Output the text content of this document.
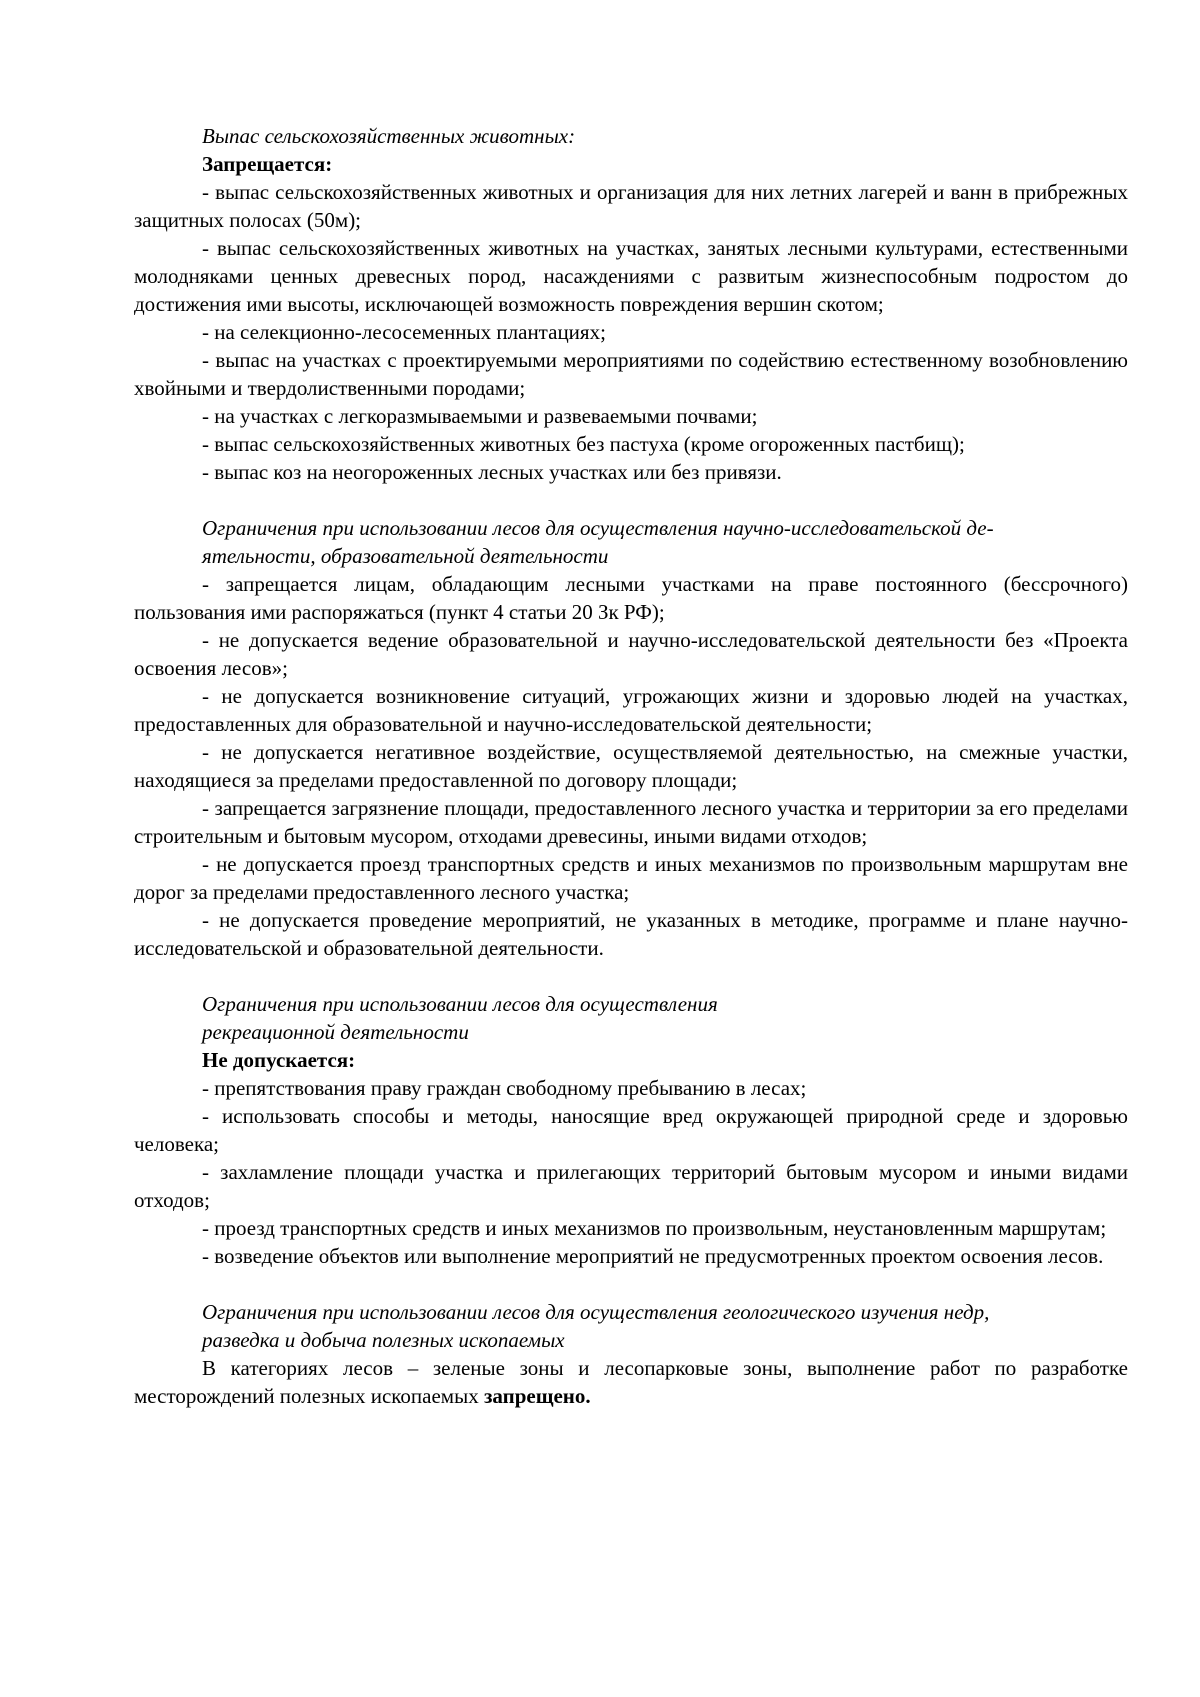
Выпас сельскохозяйственных животных:

Запрещается:

- выпас сельскохозяйственных животных и организация для них летних лагерей и ванн в прибрежных защитных полосах (50м);

- выпас сельскохозяйственных животных на участках, занятых лесными культурами, естественными молодняками ценных древесных пород, насаждениями с развитым жизнеспособным подростом до достижения ими высоты, исключающей возможность повреждения вершин скотом;

- на селекционно-лесосеменных плантациях;

- выпас на участках с проектируемыми мероприятиями по содействию естественному возобновлению хвойными и твердолиственными породами;

- на участках с легкоразмываемыми и развеваемыми почвами;

- выпас сельскохозяйственных животных без пастуха (кроме огороженных пастбищ);

- выпас коз на неогороженных лесных участках или без привязи.

Ограничения при использовании лесов для осуществления научно-исследовательской де-
ятельности, образовательной деятельности

- запрещается лицам, обладающим лесными участками на праве постоянного (бессрочного) пользования ими распоряжаться (пункт 4 статьи 20 Зк РФ);

- не допускается ведение образовательной и научно-исследовательской деятельности без «Проекта освоения лесов»;

- не допускается возникновение ситуаций, угрожающих жизни и здоровью людей на участках, предоставленных для образовательной и научно-исследовательской деятельности;

- не допускается негативное воздействие, осуществляемой деятельностью, на смежные участки, находящиеся за пределами предоставленной по договору площади;

- запрещается загрязнение площади, предоставленного лесного участка и территории за его пределами строительным и бытовым мусором, отходами древесины, иными видами отходов;

- не допускается проезд транспортных средств и иных механизмов по произвольным маршрутам вне дорог за пределами предоставленного лесного участка;

- не допускается проведение мероприятий, не указанных в методике, программе и плане научно-исследовательской и образовательной деятельности.

Ограничения при использовании лесов для осуществления
рекреационной деятельности

Не допускается:

- препятствования праву граждан свободному пребыванию в лесах;

- использовать способы и методы, наносящие вред окружающей природной среде и здоровью человека;

- захламление площади участка и прилегающих территорий бытовым мусором и иными видами отходов;

- проезд транспортных средств и иных механизмов по произвольным, неустановленным маршрутам;

- возведение объектов или выполнение мероприятий не предусмотренных проектом освоения лесов.

Ограничения при использовании лесов для осуществления геологического изучения недр,
разведка и добыча полезных ископаемых

В категориях лесов – зеленые зоны и лесопарковые зоны, выполнение работ по разработке месторождений полезных ископаемых запрещено.
